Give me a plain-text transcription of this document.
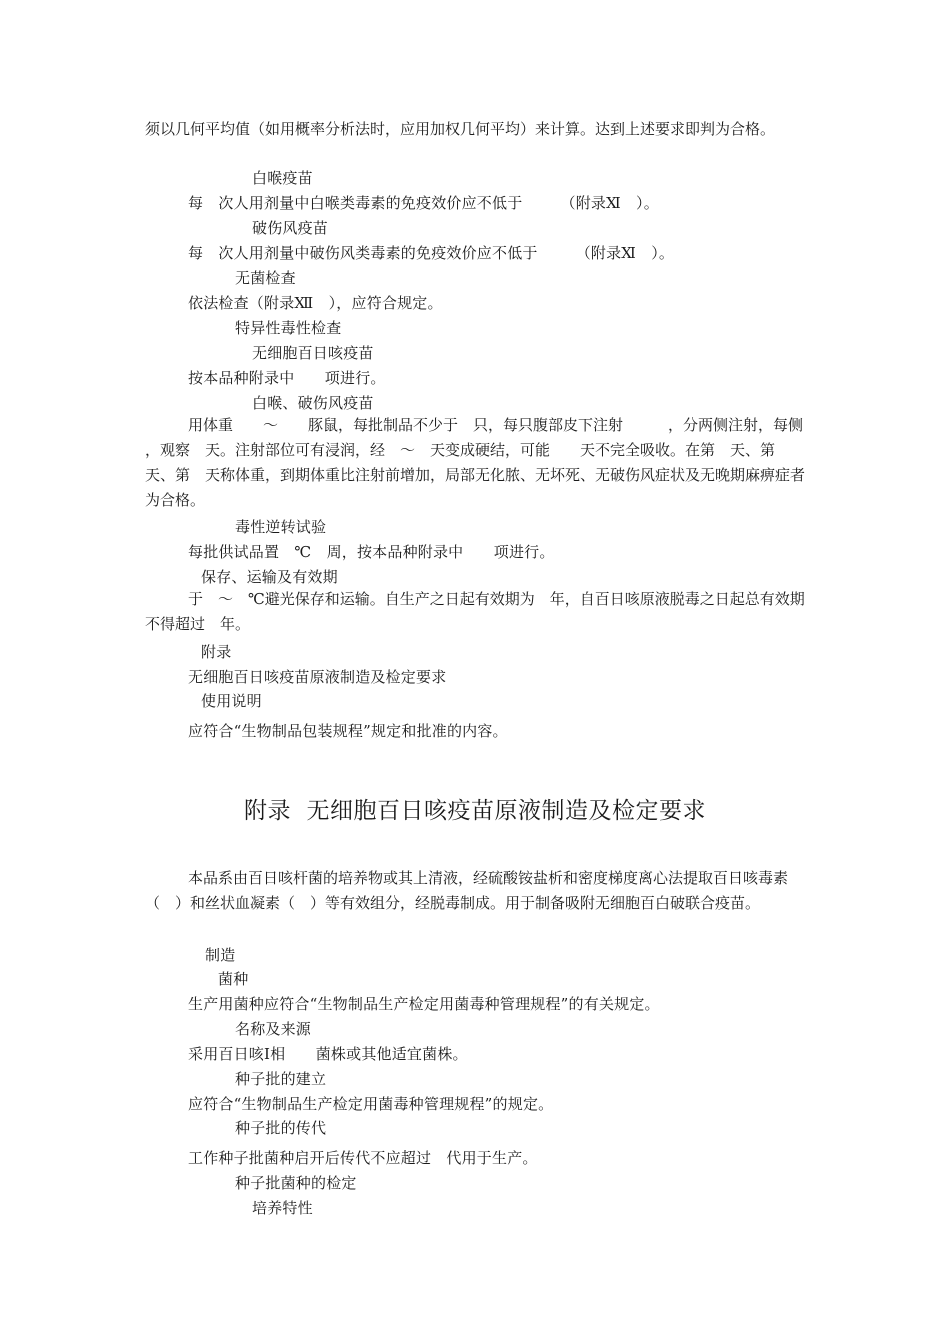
须以几何平均值（如用概率分析法时，应用加权几何平均）来计算。达到上述要求即判为合格。
白喉疫苗
每　次人用剂量中白喉类毒素的免疫效价应不低于　　　（附录Ⅺ　）。
破伤风疫苗
每　次人用剂量中破伤风类毒素的免疫效价应不低于　　　（附录Ⅺ　）。
无菌检查
依法检查（附录Ⅻ　），应符合规定。
特异性毒性检查
无细胞百日咳疫苗
按本品种附录中　　项进行。
白喉、破伤风疫苗
用体重　　～　　豚鼠，每批制品不少于　只，每只腹部皮下注射　　　，分两侧注射，每侧　　　，观察　天。注射部位可有浸润，经　～　天变成硬结，可能　　天不完全吸收。在第　天、第　天、第　天称体重，到期体重比注射前增加，局部无化脓、无坏死、无破伤风症状及无晚期麻痹症者为合格。
毒性逆转试验
每批供试品置　℃　周，按本品种附录中　　项进行。
保存、运输及有效期
于　～　℃避光保存和运输。自生产之日起有效期为　年，自百日咳原液脱毒之日起总有效期不得超过　年。
附录
无细胞百日咳疫苗原液制造及检定要求
使用说明
应符合“生物制品包装规程”规定和批准的内容。
附录  无细胞百日咳疫苗原液制造及检定要求
本品系由百日咳杆菌的培养物或其上清液，经硫酸铵盐析和密度梯度离心法提取百日咳毒素（　）和丝状血凝素（　）等有效组分，经脱毒制成。用于制备吸附无细胞百白破联合疫苗。
制造
菌种
生产用菌种应符合“生物制品生产检定用菌毒种管理规程”的有关规定。
名称及来源
采用百日咳Ⅰ相　　菌株或其他适宜菌株。
种子批的建立
应符合“生物制品生产检定用菌毒种管理规程”的规定。
种子批的传代
工作种子批菌种启开后传代不应超过　代用于生产。
种子批菌种的检定
培养特性
